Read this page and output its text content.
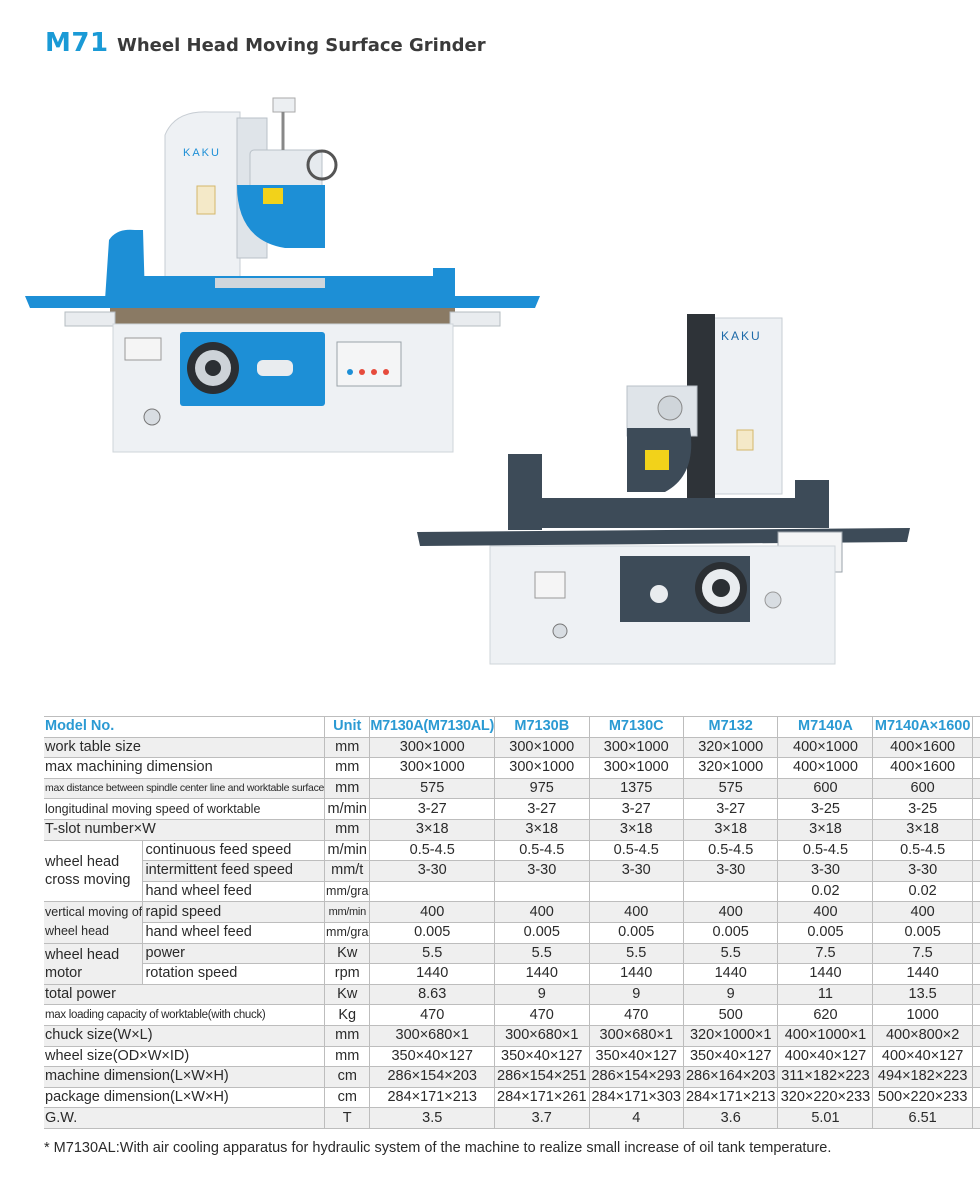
M71 Wheel Head Moving Surface Grinder
KAKU
KAKU
Model No.		Unit	M7130A(M7130AL)	M7130B	M7130C	M7132	M7140A	M7140A×1600	
work table size		mm	300×1000	300×1000	300×1000	320×1000	400×1000	400×1600	
max machining dimension		mm	300×1000	300×1000	300×1000	320×1000	400×1000	400×1600	
max distance between spindle center line and worktable surface		mm	575	975	1375	575	600	600	
longitudinal moving speed of worktable		m/min	3-27	3-27	3-27	3-27	3-25	3-25	
T-slot number×W		mm	3×18	3×18	3×18	3×18	3×18	3×18	
wheel head cross moving	continuous feed speed	m/min	0.5-4.5	0.5-4.5	0.5-4.5	0.5-4.5	0.5-4.5	0.5-4.5	
	intermittent feed speed	mm/t	3-30	3-30	3-30	3-30	3-30	3-30	
	hand wheel feed	mm/gra					0.02	0.02	
vertical moving of wheel head	rapid speed	mm/min	400	400	400	400	400	400	
	hand wheel feed	mm/gra	0.005	0.005	0.005	0.005	0.005	0.005	
wheel head motor	power	Kw	5.5	5.5	5.5	5.5	7.5	7.5	
	rotation speed	rpm	1440	1440	1440	1440	1440	1440	
total power		Kw	8.63	9	9	9	11	13.5	
max loading capacity of worktable(with chuck)		Kg	470	470	470	500	620	1000	
chuck size(W×L)		mm	300×680×1	300×680×1	300×680×1	320×1000×1	400×1000×1	400×800×2	
wheel size(OD×W×ID)		mm	350×40×127	350×40×127	350×40×127	350×40×127	400×40×127	400×40×127	
machine dimension(L×W×H)		cm	286×154×203	286×154×251	286×154×293	286×164×203	311×182×223	494×182×223	
package dimension(L×W×H)		cm	284×171×213	284×171×261	284×171×303	284×171×213	320×220×233	500×220×233	
G.W.		T	3.5	3.7	4	3.6	5.01	6.51	
* M7130AL:With air cooling apparatus for hydraulic system of the machine to realize small increase of oil tank temperature.
